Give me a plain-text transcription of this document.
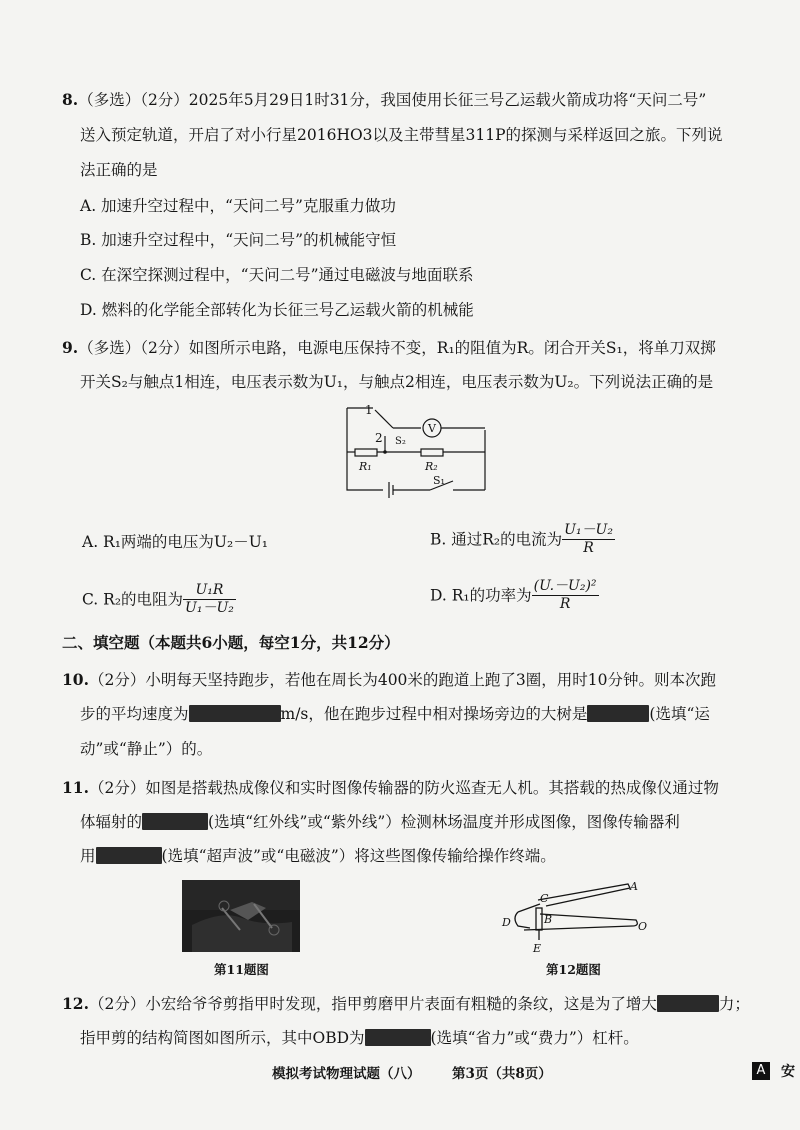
8.（多选）（2分）2025年5月29日1时31分，我国使用长征三号乙运载火箭成功将“天问二号”
送入预定轨道，开启了对小行星2016HO3以及主带彗星311P的探测与采样返回之旅。下列说
法正确的是
A. 加速升空过程中，“天问二号”克服重力做功
B. 加速升空过程中，“天问二号”的机械能守恒
C. 在深空探测过程中，“天问二号”通过电磁波与地面联系
D. 燃料的化学能全部转化为长征三号乙运载火箭的机械能
9.（多选）（2分）如图所示电路，电源电压保持不变，R₁的阻值为R。闭合开关S₁，将单刀双掷
开关S₂与触点1相连，电压表示数为U₁，与触点2相连，电压表示数为U₂。下列说法正确的是
1
2 S₂
V
R₁	R₂
S₁
A. R₁两端的电压为U₂－U₁	B. 通过R₂的电流为 $\frac{\text{U₁－U₂}}{R}$
C. R₂的电阻为 $\frac{\text{U₁R}}{\text{U₁－U₂}}$	D. R₁的功率为 $\frac{\text{(U.－U₂)²}}{R}$
二、填空题（本题共6小题，每空1分，共12分）
10.（2分）小明每天坚持跑步，若他在周长为400米的跑道上跑了3圈，用时10分钟。则本次跑
步的平均速度为	m/s，他在跑步过程中相对操场旁边的大树是	(选填“运
动”或“静止”）的。
11.（2分）如图是搭载热成像仪和实时图像传输器的防火巡查无人机。其搭载的热成像仪通过物
体辐射的	(选填“红外线”或“紫外线”）检测林场温度并形成图像，图像传输器利
用	(选填“超声波”或“电磁波”）将这些图像传输给操作终端。
第11题图
A
B
C
D
E
O
第12题图
12.（2分）小宏给爷爷剪指甲时发现，指甲剪磨甲片表面有粗糙的条纹，这是为了增大	力；
指甲剪的结构简图如图所示，其中OBD为	(选填“省力”或“费力”）杠杆。
模拟考试物理试题（八） 第3页（共8页）	A	安
